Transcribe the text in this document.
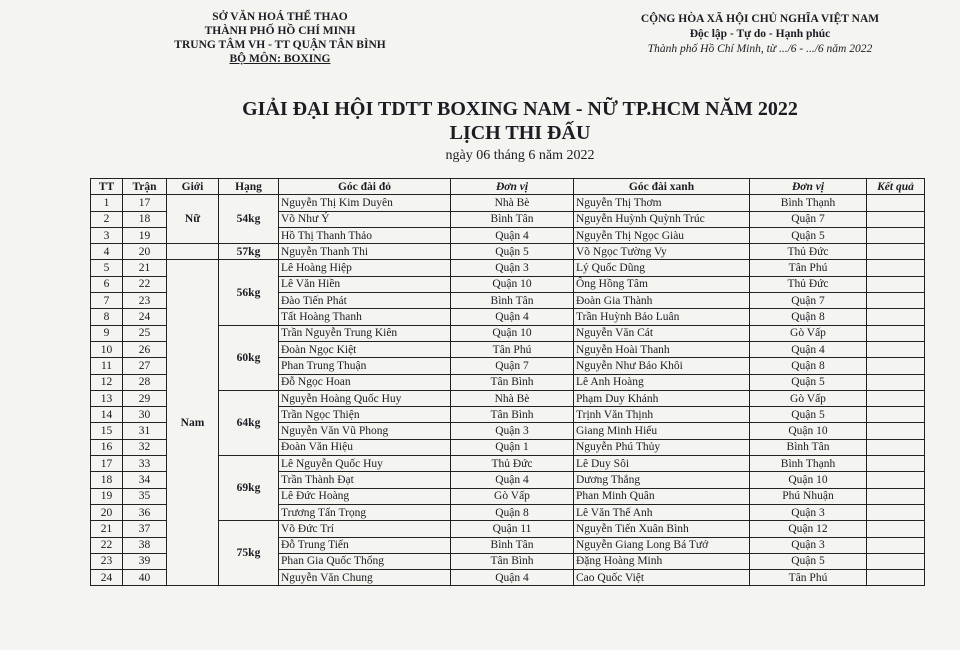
SỞ VĂN HOÁ THỂ THAO
THÀNH PHỐ HỒ CHÍ MINH
TRUNG TÂM VH - TT QUẬN TÂN BÌNH
BỘ MÔN: BOXING
CỘNG HÒA XÃ HỘI CHỦ NGHĨA VIỆT NAM
Độc lập - Tự do - Hạnh phúc
Thành phố Hồ Chí Minh, từ .../6 - .../6 năm 2022
GIẢI ĐẠI HỘI TDTT BOXING NAM - NỮ TP.HCM NĂM 2022
LỊCH THI ĐẤU
ngày 06 tháng 6 năm 2022
TT	Trận	Giới	Hạng	Góc đài đỏ	Đơn vị	Góc đài xanh	Đơn vị	Kết quả
1	17	Nữ	54kg	Nguyễn Thị Kim Duyên	Nhà Bè	Nguyễn Thị Thơm	Bình Thạnh	
2	18			Võ Như Ý	Bình Tân	Nguyễn Huỳnh Quỳnh Trúc	Quận 7	
3	19			Hồ Thị Thanh Thảo	Quận 4	Nguyễn Thị Ngọc Giàu	Quận 5	
4	20		57kg	Nguyễn Thanh Thi	Quận 5	Võ Ngọc Tường Vy	Thủ Đức	
5	21	Nam	56kg	Lê Hoàng Hiệp	Quận 3	Lý Quốc Dũng	Tân Phú	
6	22			Lê Văn Hiền	Quận 10	Ông Hồng Tâm	Thủ Đức	
7	23			Đào Tiến Phát	Bình Tân	Đoàn Gia Thành	Quận 7	
8	24			Tất Hoàng Thanh	Quận 4	Trần Huỳnh Bảo Luân	Quận 8	
9	25		60kg	Trần Nguyễn Trung Kiên	Quận 10	Nguyễn Văn Cát	Gò Vấp	
10	26			Đoàn Ngọc Kiệt	Tân Phú	Nguyễn Hoài Thanh	Quận 4	
11	27			Phan Trung Thuận	Quận 7	Nguyễn Như Bảo Khôi	Quận 8	
12	28			Đỗ Ngọc Hoan	Tân Bình	Lê Anh Hoàng	Quận 5	
13	29		64kg	Nguyễn Hoàng Quốc Huy	Nhà Bè	Phạm Duy Khánh	Gò Vấp	
14	30			Trần Ngọc Thiện	Tân Bình	Trịnh Văn Thịnh	Quận 5	
15	31			Nguyễn Văn Vũ Phong	Quận 3	Giang Minh Hiếu	Quận 10	
16	32			Đoàn Văn Hiệu	Quận 1	Nguyễn Phú Thủy	Bình Tân	
17	33		69kg	Lê Nguyễn Quốc Huy	Thủ Đức	Lê Duy Sôi	Bình Thạnh	
18	34			Trần Thành Đạt	Quận 4	Dương Thắng	Quận 10	
19	35			Lê Đức Hoàng	Gò Vấp	Phan Minh Quân	Phú Nhuận	
20	36			Trương Tấn Trọng	Quận 8	Lê Văn Thế Anh	Quận 3	
21	37		75kg	Võ Đức Trí	Quận 11	Nguyễn Tiến Xuân Bình	Quận 12	
22	38			Đỗ Trung Tiến	Bình Tân	Nguyễn Giang Long Bá Tướ	Quận 3	
23	39			Phan Gia Quốc Thống	Tân Bình	Đặng Hoàng Minh	Quận 5	
24	40			Nguyễn Văn Chung	Quận 4	Cao Quốc Việt	Tân Phú	
